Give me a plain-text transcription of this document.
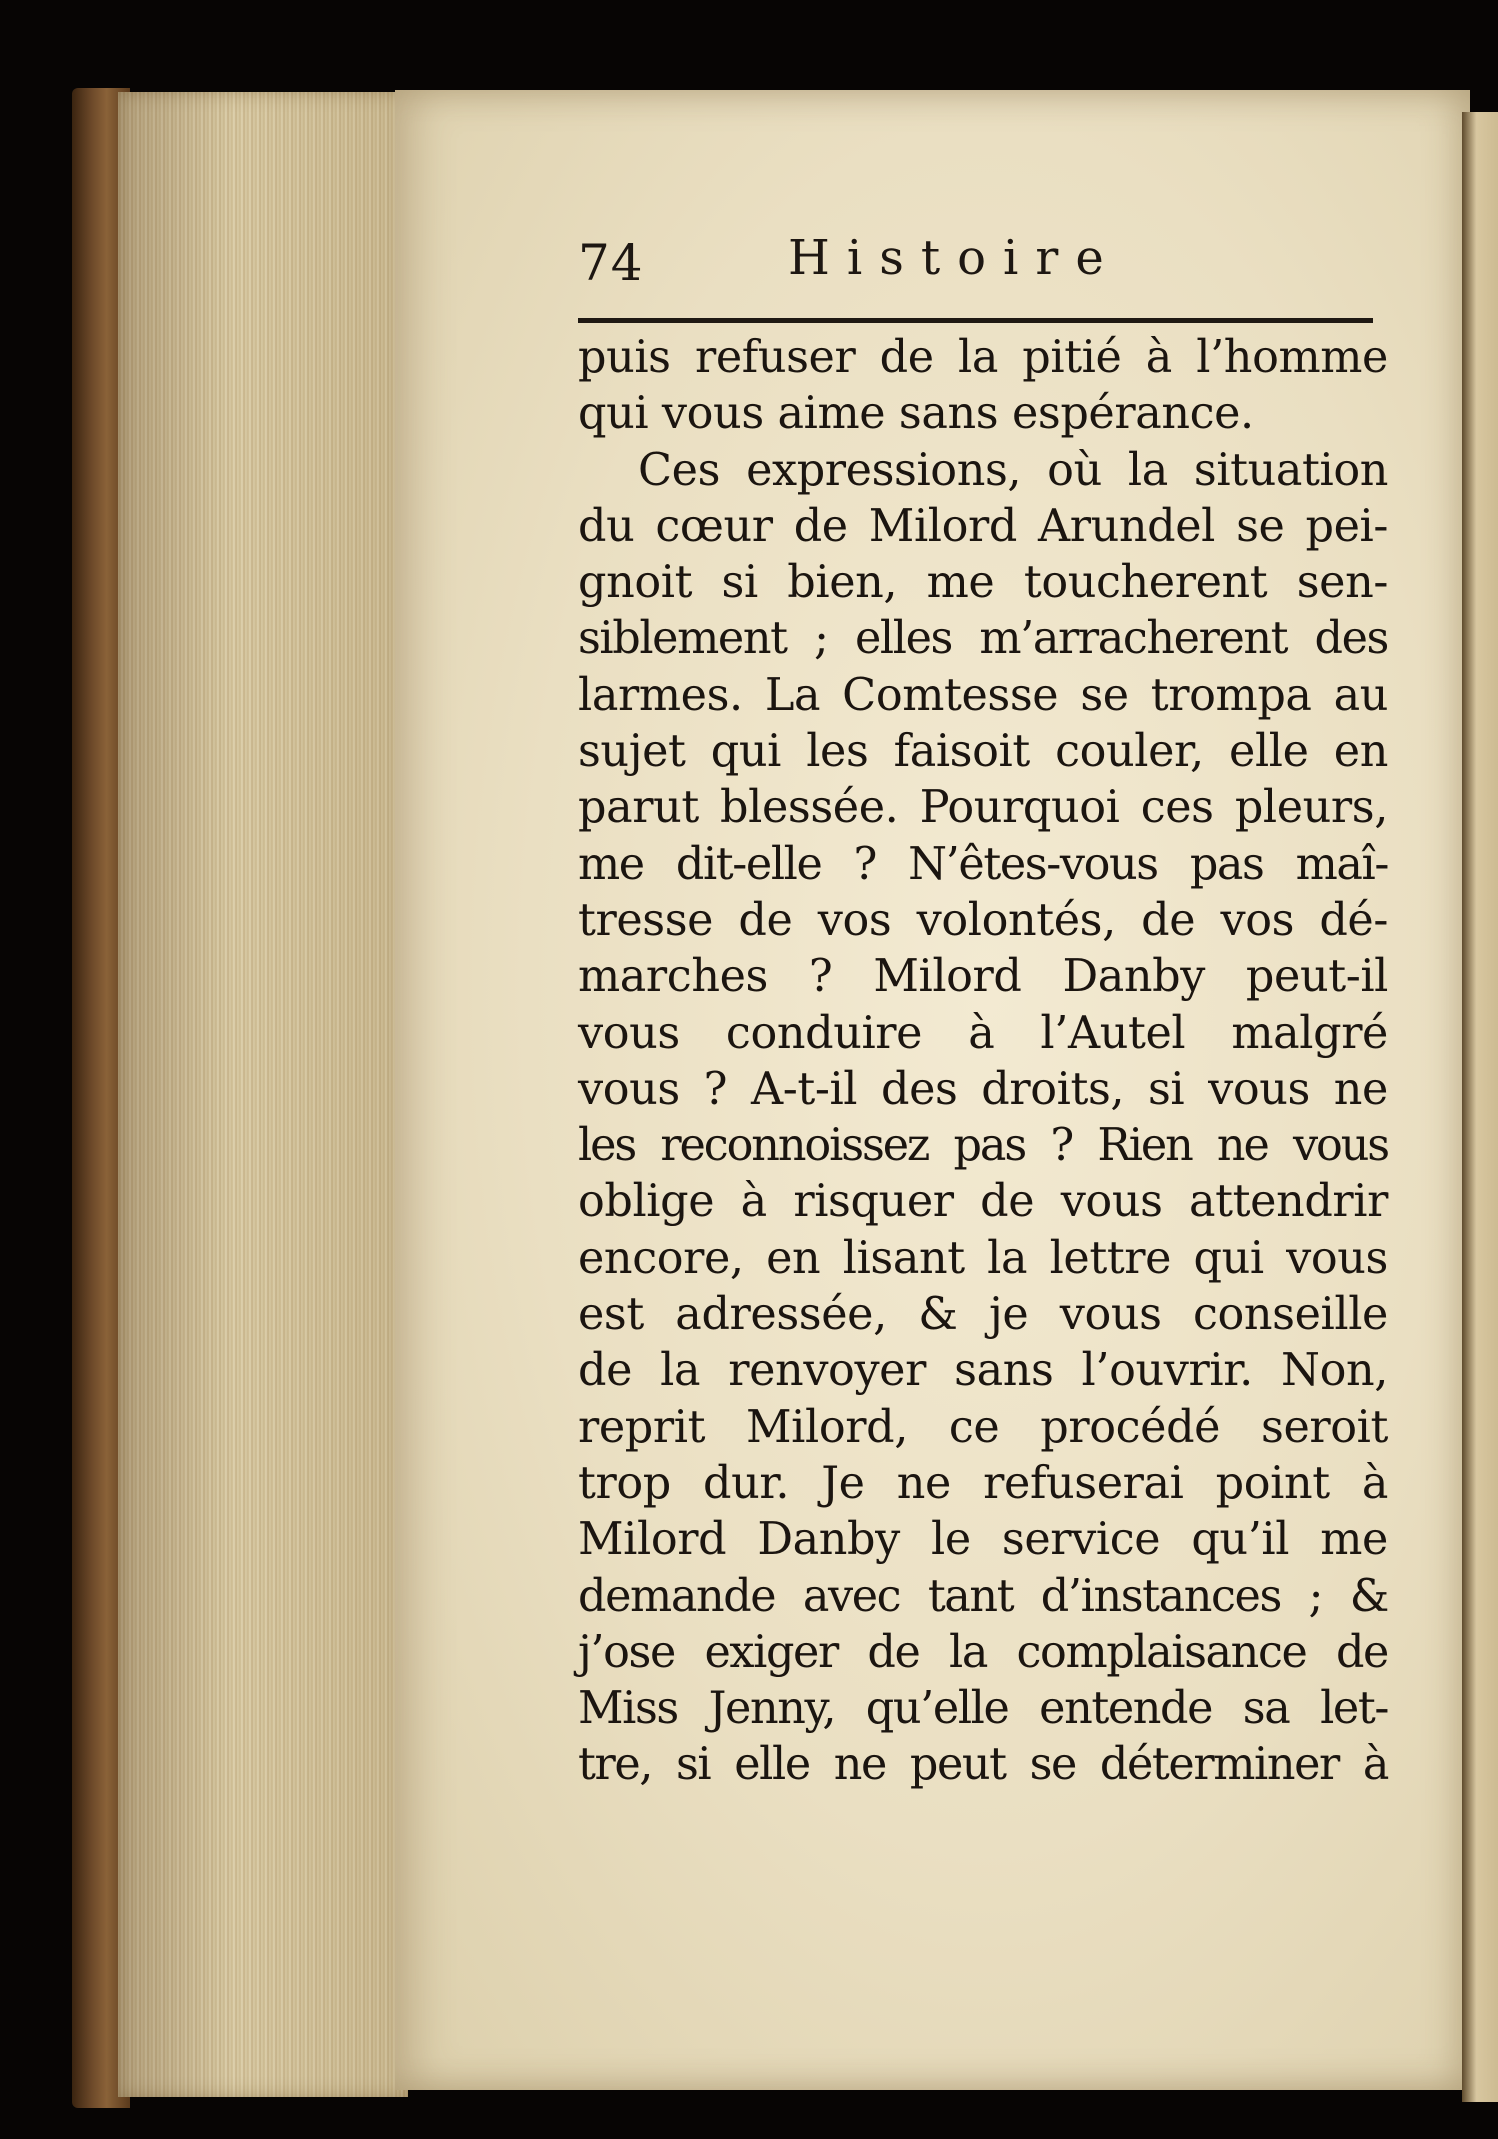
74	Histoire
puis refuser de la pitié à l’homme
qui vous aime sans espérance.
Ces expressions, où la situation
du cœur de Milord Arundel se pei-
gnoit si bien, me toucherent sen-
siblement ; elles m’arracherent des
larmes. La Comtesse se trompa au
sujet qui les faisoit couler, elle en
parut blessée. Pourquoi ces pleurs,
me dit-elle ? N’êtes-vous pas maî-
tresse de vos volontés, de vos dé-
marches ? Milord Danby peut-il
vous conduire à l’Autel malgré
vous ? A-t-il des droits, si vous ne
les reconnoissez pas ? Rien ne vous
oblige à risquer de vous attendrir
encore, en lisant la lettre qui vous
est adressée, & je vous conseille
de la renvoyer sans l’ouvrir. Non,
reprit Milord, ce procédé seroit
trop dur. Je ne refuserai point à
Milord Danby le service qu’il me
demande avec tant d’instances ; &
j’ose exiger de la complaisance de
Miss Jenny, qu’elle entende sa let-
tre, si elle ne peut se déterminer à
